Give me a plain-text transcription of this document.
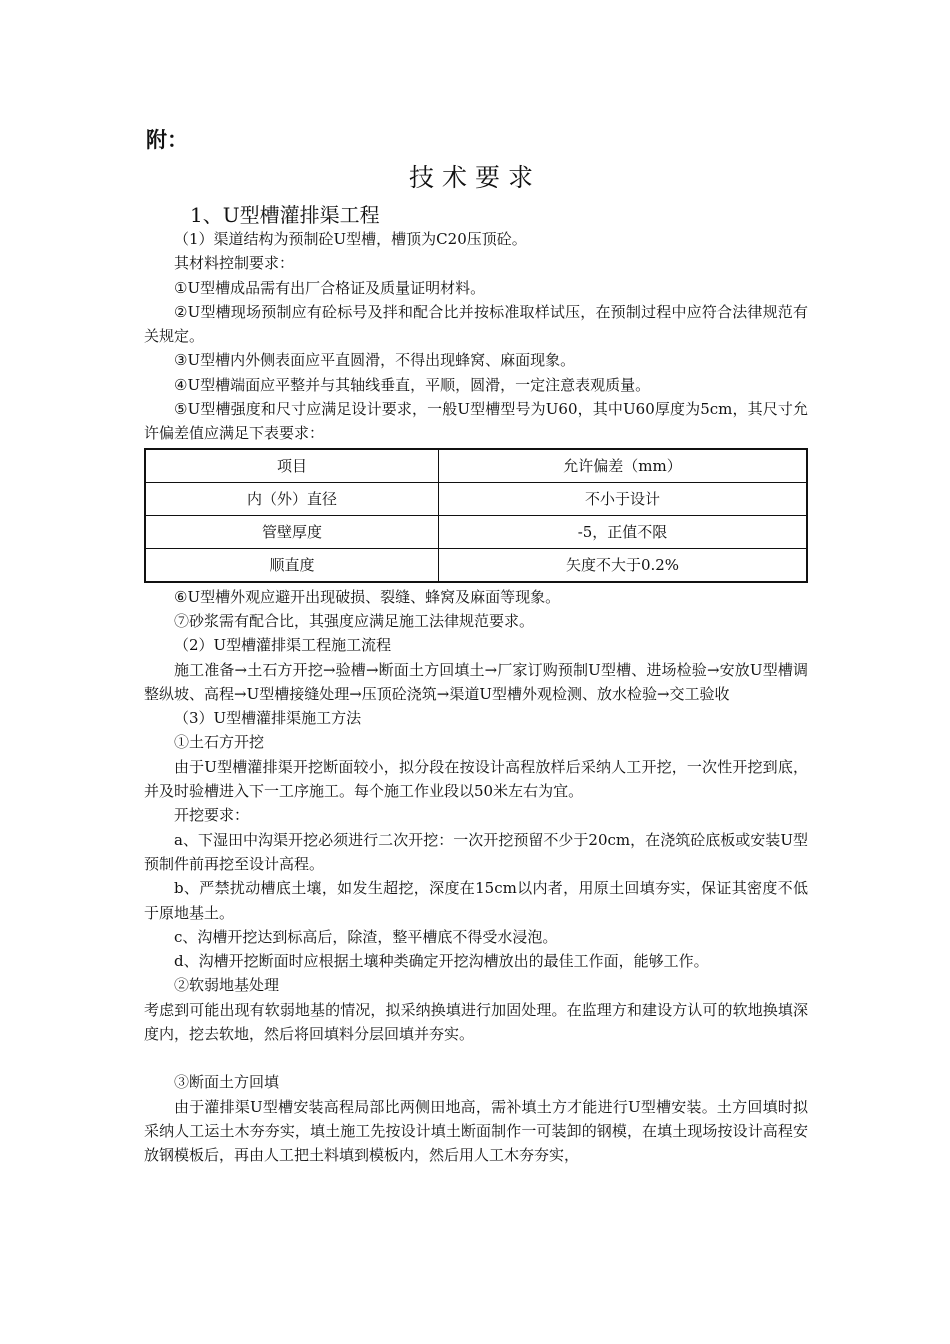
附：
技术要求
1、U型槽灌排渠工程

（1）渠道结构为预制砼U型槽，槽顶为C20压顶砼。

其材料控制要求：

①U型槽成品需有出厂合格证及质量证明材料。

②U型槽现场预制应有砼标号及拌和配合比并按标准取样试压，在预制过程中应符合法律规范有关规定。

③U型槽内外侧表面应平直圆滑，不得出现蜂窝、麻面现象。

④U型槽端面应平整并与其轴线垂直，平顺，圆滑，一定注意表观质量。

⑤U型槽强度和尺寸应满足设计要求，一般U型槽型号为U60，其中U60厚度为5cm，其尺寸允许偏差值应满足下表要求：

项目	允许偏差（mm）
内（外）直径	不小于设计
管壁厚度	-5，正值不限
顺直度	矢度不大于0.2%

⑥U型槽外观应避开出现破损、裂缝、蜂窝及麻面等现象。

⑦砂浆需有配合比，其强度应满足施工法律规范要求。

（2）U型槽灌排渠工程施工流程

施工准备→土石方开挖→验槽→断面土方回填土→厂家订购预制U型槽、进场检验→安放U型槽调整纵坡、高程→U型槽接缝处理→压顶砼浇筑→渠道U型槽外观检测、放水检验→交工验收

（3）U型槽灌排渠施工方法

①土石方开挖

由于U型槽灌排渠开挖断面较小，拟分段在按设计高程放样后采纳人工开挖，一次性开挖到底，并及时验槽进入下一工序施工。每个施工作业段以50米左右为宜。

开挖要求：

a、下湿田中沟渠开挖必须进行二次开挖：一次开挖预留不少于20cm，在浇筑砼底板或安装U型预制件前再挖至设计高程。

b、严禁扰动槽底土壤，如发生超挖，深度在15cm以内者，用原土回填夯实，保证其密度不低于原地基土。

c、沟槽开挖达到标高后，除渣，整平槽底不得受水浸泡。

d、沟槽开挖断面时应根据土壤种类确定开挖沟槽放出的最佳工作面，能够工作。

②软弱地基处理

考虑到可能出现有软弱地基的情况，拟采纳换填进行加固处理。在监理方和建设方认可的软地换填深度内，挖去软地，然后将回填料分层回填并夯实。

③断面土方回填

由于灌排渠U型槽安装高程局部比两侧田地高，需补填土方才能进行U型槽安装。土方回填时拟采纳人工运土木夯夯实，填土施工先按设计填土断面制作一可装卸的钢模，在填土现场按设计高程安放钢模板后，再由人工把土料填到模板内，然后用人工木夯夯实，
